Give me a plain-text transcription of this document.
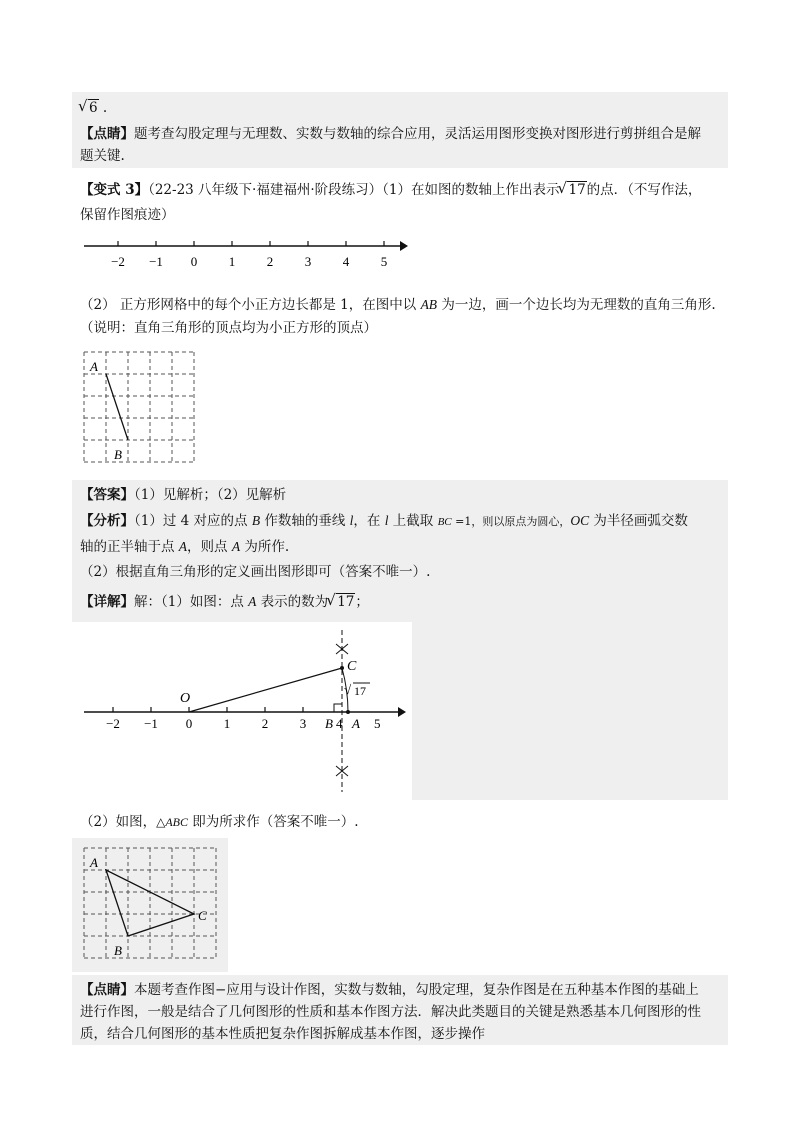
√ 6 .
【点睛】题考查勾股定理与无理数、实数与数轴的综合应用，灵活运用图形变换对图形进行剪拼组合是解
题关键.
【变式 3】（22-23 八年级下·福建福州·阶段练习）（1）在如图的数轴上作出表示 √ 17的点．（不写作法，
保留作图痕迹）
−2 −1 0 1 2 3 4 5
（2） 正方形网格中的每个小正方边长都是 1，在图中以 AB 为一边，画一个边长均为无理数的直角三角形.
（说明：直角三角形的顶点均为小正方形的顶点）
A
B
【答案】（1）见解析；（2）见解析
【分析】（1）过 4 对应的点 B 作数轴的垂线 l，在 l 上截取 BC =1，则以原点为圆心，OC 为半径画弧交数
轴的正半轴于点 A，则点 A 为所作.
（2）根据直角三角形的定义画出图形即可（答案不唯一）.
【详解】解：（1）如图：点 A 表示的数为 √ 17；
−2 −1 0 1 2 3
O
C
B 4 A 5
√ 17
（2）如图，△ABC 即为所求作（答案不唯一）.
A
B
C
【点睛】本题考查作图−应用与设计作图，实数与数轴，勾股定理，复杂作图是在五种基本作图的基础上
进行作图，一般是结合了几何图形的性质和基本作图方法．解决此类题目的关键是熟悉基本几何图形的性
质，结合几何图形的基本性质把复杂作图拆解成基本作图，逐步操作
